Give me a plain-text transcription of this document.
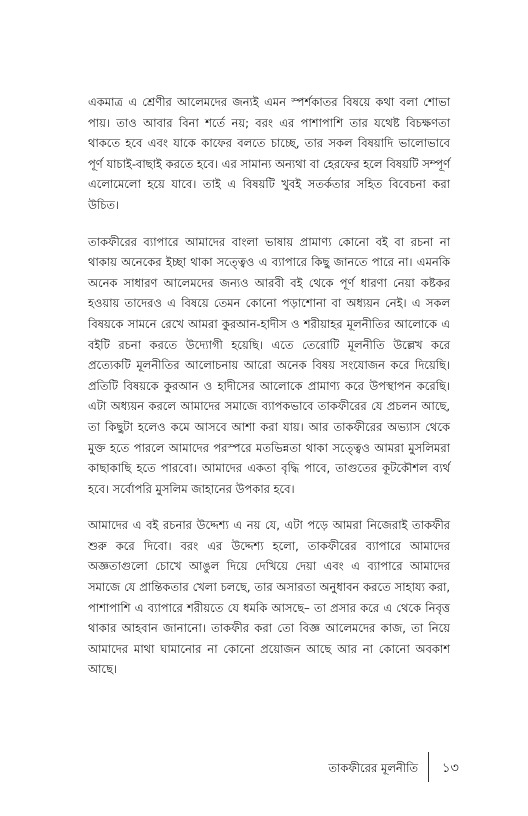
একমাত্র এ শ্রেণীর আলেমদের জন্যই এমন স্পর্শকাতর বিষয়ে কথা বলা শোভা পায়। তাও আবার বিনা শর্তে নয়; বরং এর পাশাপাশি তার যথেষ্ট বিচক্ষণতা থাকতে হবে এবং যাকে কাফের বলতে চাচ্ছে, তার সকল বিষয়াদি ভালোভাবে পূর্ণ যাচাই-বাছাই করতে হবে। এর সামান্য অন্যথা বা হেরফের হলে বিষয়টি সম্পূর্ণ এলোমেলো হয়ে যাবে। তাই এ বিষয়টি খুবই সতর্কতার সহিত বিবেচনা করা উচিত।

তাকফীরের ব্যাপারে আমাদের বাংলা ভাষায় প্রামাণ্য কোনো বই বা রচনা না থাকায় অনেকের ইচ্ছা থাকা সত্ত্বেও এ ব্যাপারে কিছু জানতে পারে না। এমনকি অনেক সাধারণ আলেমদের জন্যও আরবী বই থেকে পূর্ণ ধারণা নেয়া কষ্টকর হওয়ায় তাদেরও এ বিষয়ে তেমন কোনো পড়াশোনা বা অধ্যয়ন নেই। এ সকল বিষয়কে সামনে রেখে আমরা কুরআন-হাদীস ও শরীয়াহর মূলনীতির আলোকে এ বইটি রচনা করতে উদ্যোগী হয়েছি। এতে তেরোটি মূলনীতি উল্লেখ করে প্রত্যেকটি মূলনীতির আলোচনায় আরো অনেক বিষয় সংযোজন করে দিয়েছি। প্রতিটি বিষয়কে কুরআন ও হাদীসের আলোকে প্রামাণ্য করে উপস্থাপন করেছি। এটা অধ্যয়ন করলে আমাদের সমাজে ব্যাপকভাবে তাকফীরের যে প্রচলন আছে, তা কিছুটা হলেও কমে আসবে আশা করা যায়। আর তাকফীরের অভ্যাস থেকে মুক্ত হতে পারলে আমাদের পরস্পরে মতভিন্নতা থাকা সত্ত্বেও আমরা মুসলিমরা কাছাকাছি হতে পারবো। আমাদের একতা বৃদ্ধি পাবে, তাগুতের কূটকৌশল ব্যর্থ হবে। সর্বোপরি মুসলিম জাহানের উপকার হবে।

আমাদের এ বই রচনার উদ্দেশ্য এ নয় যে, এটা পড়ে আমরা নিজেরাই তাকফীর শুরু করে দিবো। বরং এর উদ্দেশ্য হলো, তাকফীরের ব্যাপারে আমাদের অজ্ঞতাগুলো চোখে আঙুল দিয়ে দেখিয়ে দেয়া এবং এ ব্যাপারে আমাদের সমাজে যে প্রান্তিকতার খেলা চলছে, তার অসারতা অনুধাবন করতে সাহায্য করা, পাশাপাশি এ ব্যাপারে শরীয়তে যে ধমকি আসছে– তা প্রসার করে এ থেকে নিবৃত্ত থাকার আহবান জানানো। তাকফীর করা তো বিজ্ঞ আলেমদের কাজ, তা নিয়ে আমাদের মাথা ঘামানোর না কোনো প্রয়োজন আছে আর না কোনো অবকাশ আছে।

তাকফীরের মূলনীতি ১৩
